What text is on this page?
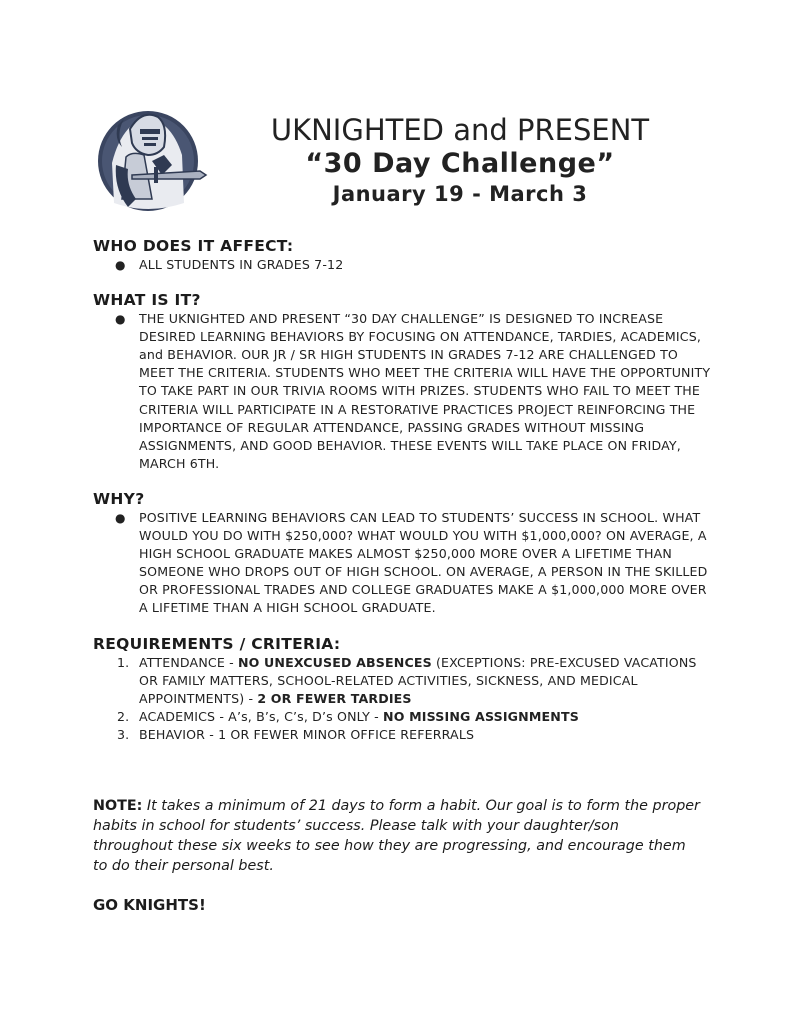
UKNIGHTED and PRESENT
“30 Day Challenge”
January 19 - March 3
WHO DOES IT AFFECT:
● ALL STUDENTS IN GRADES 7-12
WHAT IS IT?
● THE UKNIGHTED AND PRESENT “30 DAY CHALLENGE” IS DESIGNED TO INCREASE DESIRED LEARNING BEHAVIORS BY FOCUSING ON ATTENDANCE, TARDIES, ACADEMICS, and BEHAVIOR. OUR JR / SR HIGH STUDENTS IN GRADES 7-12 ARE CHALLENGED TO MEET THE CRITERIA. STUDENTS WHO MEET THE CRITERIA WILL HAVE THE OPPORTUNITY TO TAKE PART IN OUR TRIVIA ROOMS WITH PRIZES. STUDENTS WHO FAIL TO MEET THE CRITERIA WILL PARTICIPATE IN A RESTORATIVE PRACTICES PROJECT REINFORCING THE IMPORTANCE OF REGULAR ATTENDANCE, PASSING GRADES WITHOUT MISSING ASSIGNMENTS, AND GOOD BEHAVIOR. THESE EVENTS WILL TAKE PLACE ON FRIDAY, MARCH 6TH.
WHY?
● POSITIVE LEARNING BEHAVIORS CAN LEAD TO STUDENTS’ SUCCESS IN SCHOOL. WHAT WOULD YOU DO WITH $250,000? WHAT WOULD YOU WITH $1,000,000? ON AVERAGE, A HIGH SCHOOL GRADUATE MAKES ALMOST $250,000 MORE OVER A LIFETIME THAN SOMEONE WHO DROPS OUT OF HIGH SCHOOL. ON AVERAGE, A PERSON IN THE SKILLED OR PROFESSIONAL TRADES AND COLLEGE GRADUATES MAKE A $1,000,000 MORE OVER A LIFETIME THAN A HIGH SCHOOL GRADUATE.
REQUIREMENTS / CRITERIA:
1. ATTENDANCE - NO UNEXCUSED ABSENCES (EXCEPTIONS: PRE-EXCUSED VACATIONS OR FAMILY MATTERS, SCHOOL-RELATED ACTIVITIES, SICKNESS, AND MEDICAL APPOINTMENTS) - 2 OR FEWER TARDIES
2. ACADEMICS - A’s, B’s, C’s, D’s ONLY - NO MISSING ASSIGNMENTS
3. BEHAVIOR - 1 OR FEWER MINOR OFFICE REFERRALS
NOTE: It takes a minimum of 21 days to form a habit. Our goal is to form the proper habits in school for students’ success. Please talk with your daughter/son throughout these six weeks to see how they are progressing, and encourage them to do their personal best.
GO KNIGHTS!
